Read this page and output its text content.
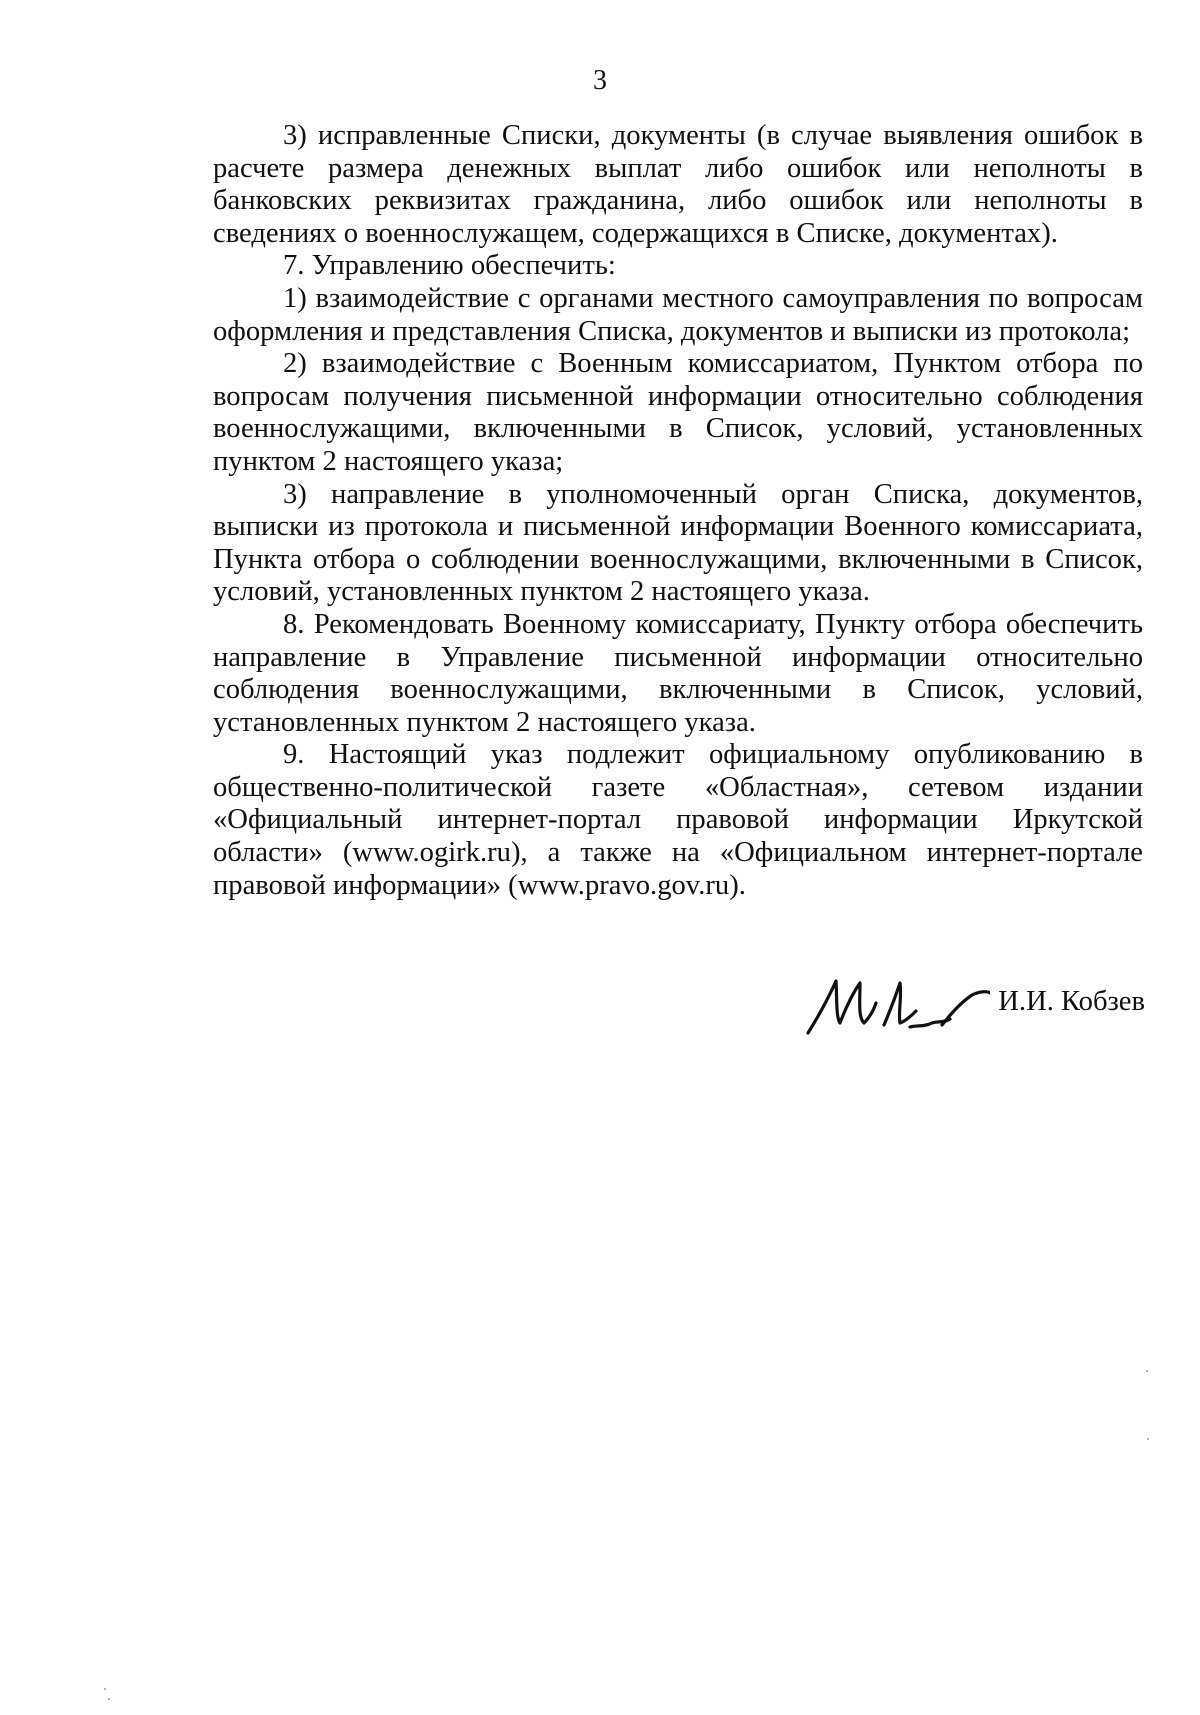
3

3) исправленные Списки, документы (в случае выявления ошибок в расчете размера денежных выплат либо ошибок или неполноты в банковских реквизитах гражданина, либо ошибок или неполноты в сведениях о военнослужащем, содержащихся в Списке, документах).

7. Управлению обеспечить:

1) взаимодействие с органами местного самоуправления по вопросам оформления и представления Списка, документов и выписки из протокола;

2) взаимодействие с Военным комиссариатом, Пунктом отбора по вопросам получения письменной информации относительно соблюдения военнослужащими, включенными в Список, условий, установленных пунктом 2 настоящего указа;

3) направление в уполномоченный орган Списка, документов, выписки из протокола и письменной информации Военного комиссариата, Пункта отбора о соблюдении военнослужащими, включенными в Список, условий, установленных пунктом 2 настоящего указа.

8. Рекомендовать Военному комиссариату, Пункту отбора обеспечить направление в Управление письменной информации относительно соблюдения военнослужащими, включенными в Список, условий, установленных пунктом 2 настоящего указа.

9. Настоящий указ подлежит официальному опубликованию в общественно-политической газете «Областная», сетевом издании «Официальный интернет-портал правовой информации Иркутской области» (www.ogirk.ru), а также на «Официальном интернет-портале правовой информации» (www.pravo.gov.ru).

И.И. Кобзев
